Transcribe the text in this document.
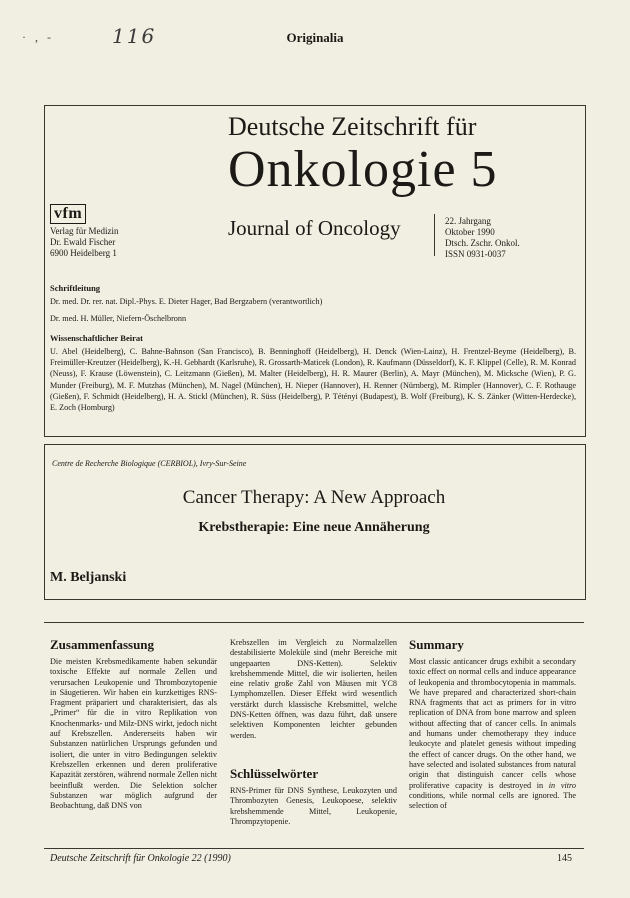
· , -	116	Originalia
Deutsche Zeitschrift für
Onkologie 5
Journal of Oncology	22. Jahrgang
Oktober 1990
Dtsch. Zschr. Onkol.
ISSN 0931-0037
vfm
Verlag für Medizin
Dr. Ewald Fischer
6900 Heidelberg 1
Schriftleitung
Dr. med. Dr. rer. nat. Dipl.-Phys. E. Dieter Hager, Bad Bergzabern (verantwortlich)
Dr. med. H. Müller, Niefern-Öschelbronn
Wissenschaftlicher Beirat
U. Abel (Heidelberg), C. Bahne-Bahnson (San Francisco), B. Benninghoff (Heidelberg), H. Denck (Wien-Lainz), H. Frentzel-Beyme (Heidelberg), B. Freimüller-Kreutzer (Heidelberg), K.-H. Gebhardt (Karlsruhe), R. Grossarth-Maticek (London), R. Kaufmann (Düsseldorf), K. F. Klippel (Celle), R. M. Konrad (Neuss), F. Krause (Löwenstein), C. Leitzmann (Gießen), M. Malter (Heidelberg), H. R. Maurer (Berlin), A. Mayr (München), M. Micksche (Wien), P. G. Munder (Freiburg), M. F. Mutzhas (München), M. Nagel (München), H. Nieper (Hannover), H. Renner (Nürnberg), M. Rimpler (Hannover), C. F. Rothauge (Gießen), F. Schmidt (Heidelberg), H. A. Stickl (München), R. Süss (Heidelberg), P. Tétényi (Budapest), B. Wolf (Freiburg), K. S. Zänker (Witten-Herdecke), E. Zoch (Homburg)
Centre de Recherche Biologique (CERBIOL), Ivry-Sur-Seine
Cancer Therapy: A New Approach
Krebstherapie: Eine neue Annäherung
M. Beljanski
Zusammenfassung
Die meisten Krebsmedikamente haben sekundär toxische Effekte auf normale Zellen und verursachen Leukopenie und Thrombozytopenie in Säugetieren. Wir haben ein kurzkettiges RNS-Fragment präpariert und charakterisiert, das als „Primer“ für die in vitro Replikation von Knochenmarks- und Milz-DNS wirkt, jedoch nicht auf Krebszellen. Andererseits haben wir Substanzen natürlichen Ursprungs gefunden und isoliert, die unter in vitro Bedingungen selektiv Krebszellen erkennen und deren proliferative Kapazität zerstören, während normale Zellen nicht beeinflußt werden. Die Selektion solcher Substanzen war möglich aufgrund der Beobachtung, daß DNS von
Krebszellen im Vergleich zu Normalzellen destabilisierte Moleküle sind (mehr Bereiche mit ungepaarten DNS-Ketten). Selektiv krebshemmende Mittel, die wir isolierten, heilen eine relativ große Zahl von Mäusen mit YC8 Lymphomzellen. Dieser Effekt wird wesentlich verstärkt durch klassische Krebsmittel, welche DNS-Ketten öffnen, was dazu führt, daß unsere selektiven Komponenten leichter gebunden werden.
Schlüsselwörter
RNS-Primer für DNS Synthese, Leukozyten und Thrombozyten Genesis, Leukopoese, selektiv krebshemmende Mittel, Leukopenie, Thrompzytopenie.
Summary
Most classic anticancer drugs exhibit a secondary toxic effect on normal cells and induce appearance of leukopenia and thrombocytopenia in mammals. We have prepared and characterized short-chain RNA fragments that act as primers for in vitro replication of DNA from bone marrow and spleen without affecting that of cancer cells. In animals and humans under chemotherapy they induce leukocyte and platelet genesis without impeding the effect of cancer drugs. On the other hand, we have selected and isolated substances from natural origin that distinguish cancer cells whose proliferative capacity is destroyed in in vitro conditions, while normal cells are ignored. The selection of
Deutsche Zeitschrift für Onkologie 22 (1990)	145
